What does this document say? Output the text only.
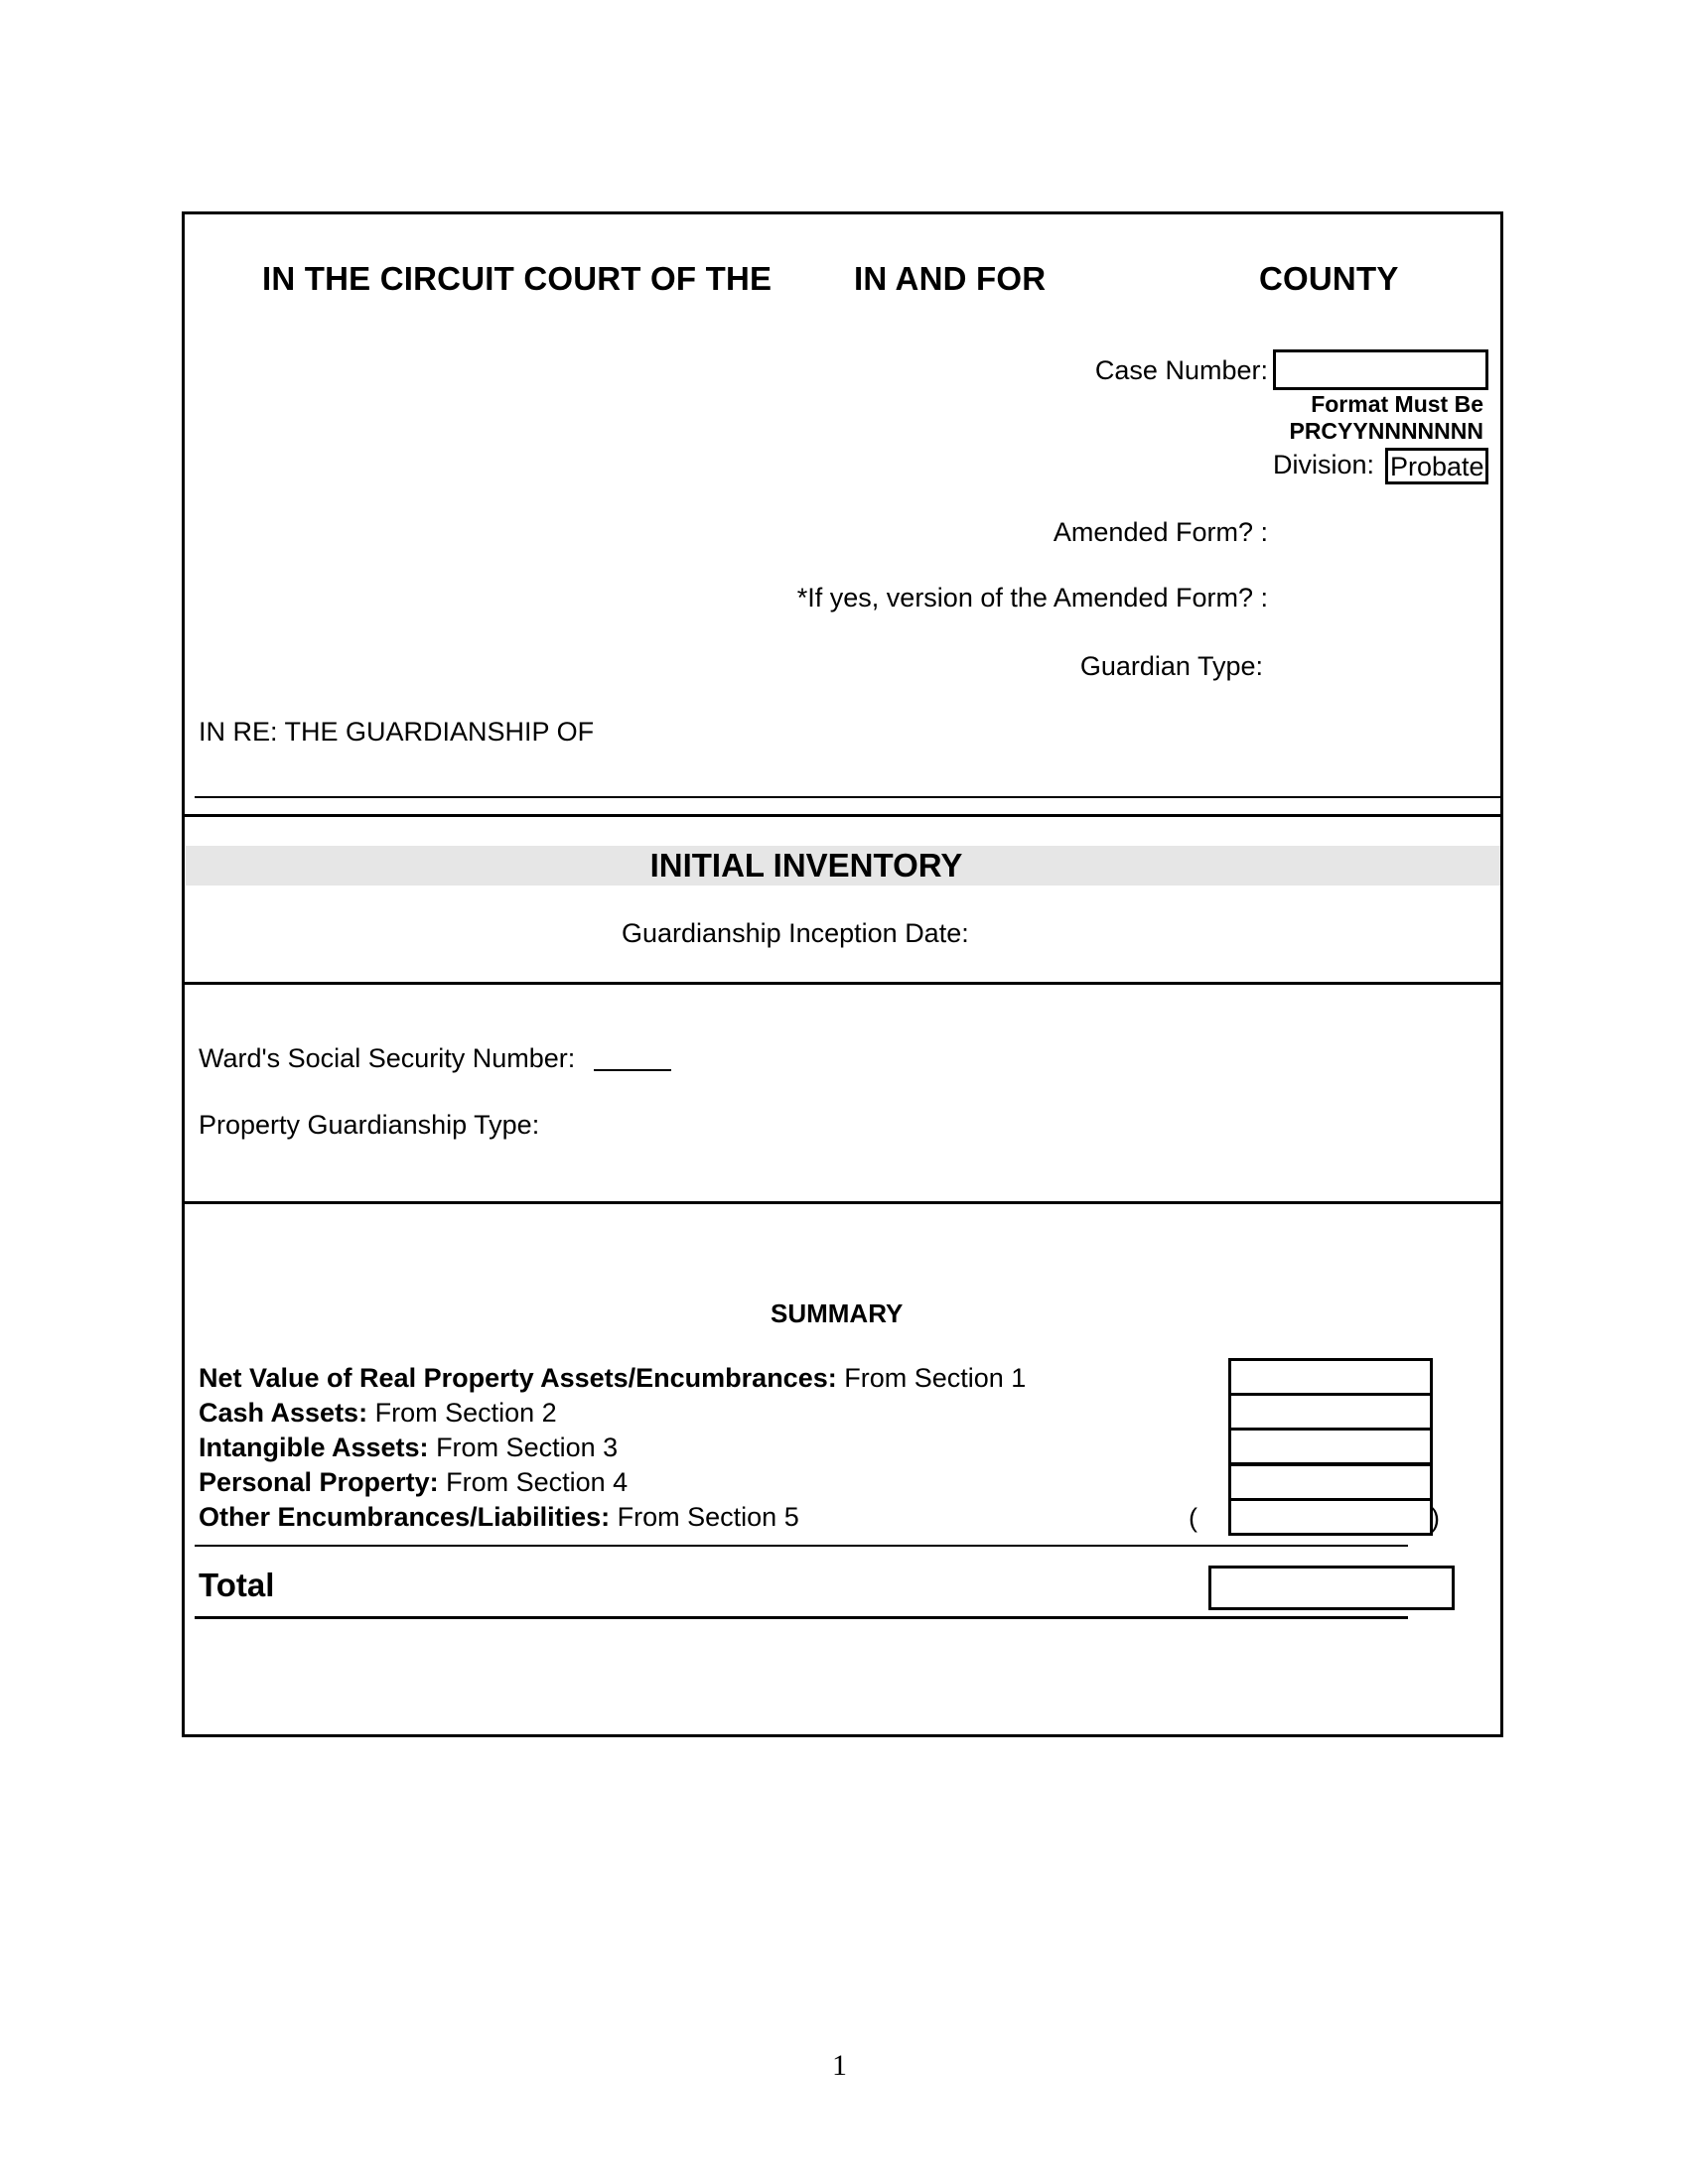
IN THE CIRCUIT COURT OF THE	IN AND FOR	COUNTY
Case Number:
Format Must Be
PRCYYNNNNNNN
Division: Probate
Amended Form? :
*If yes, version of the Amended Form? :
Guardian Type:
IN RE: THE GUARDIANSHIP OF
INITIAL INVENTORY
Guardianship Inception Date:
Ward's Social Security Number:
Property Guardianship Type:
SUMMARY
Net Value of Real Property Assets/Encumbrances: From Section 1
Cash Assets: From Section 2
Intangible Assets: From Section 3
Personal Property: From Section 4
Other Encumbrances/Liabilities: From Section 5	(	)
Total
1
